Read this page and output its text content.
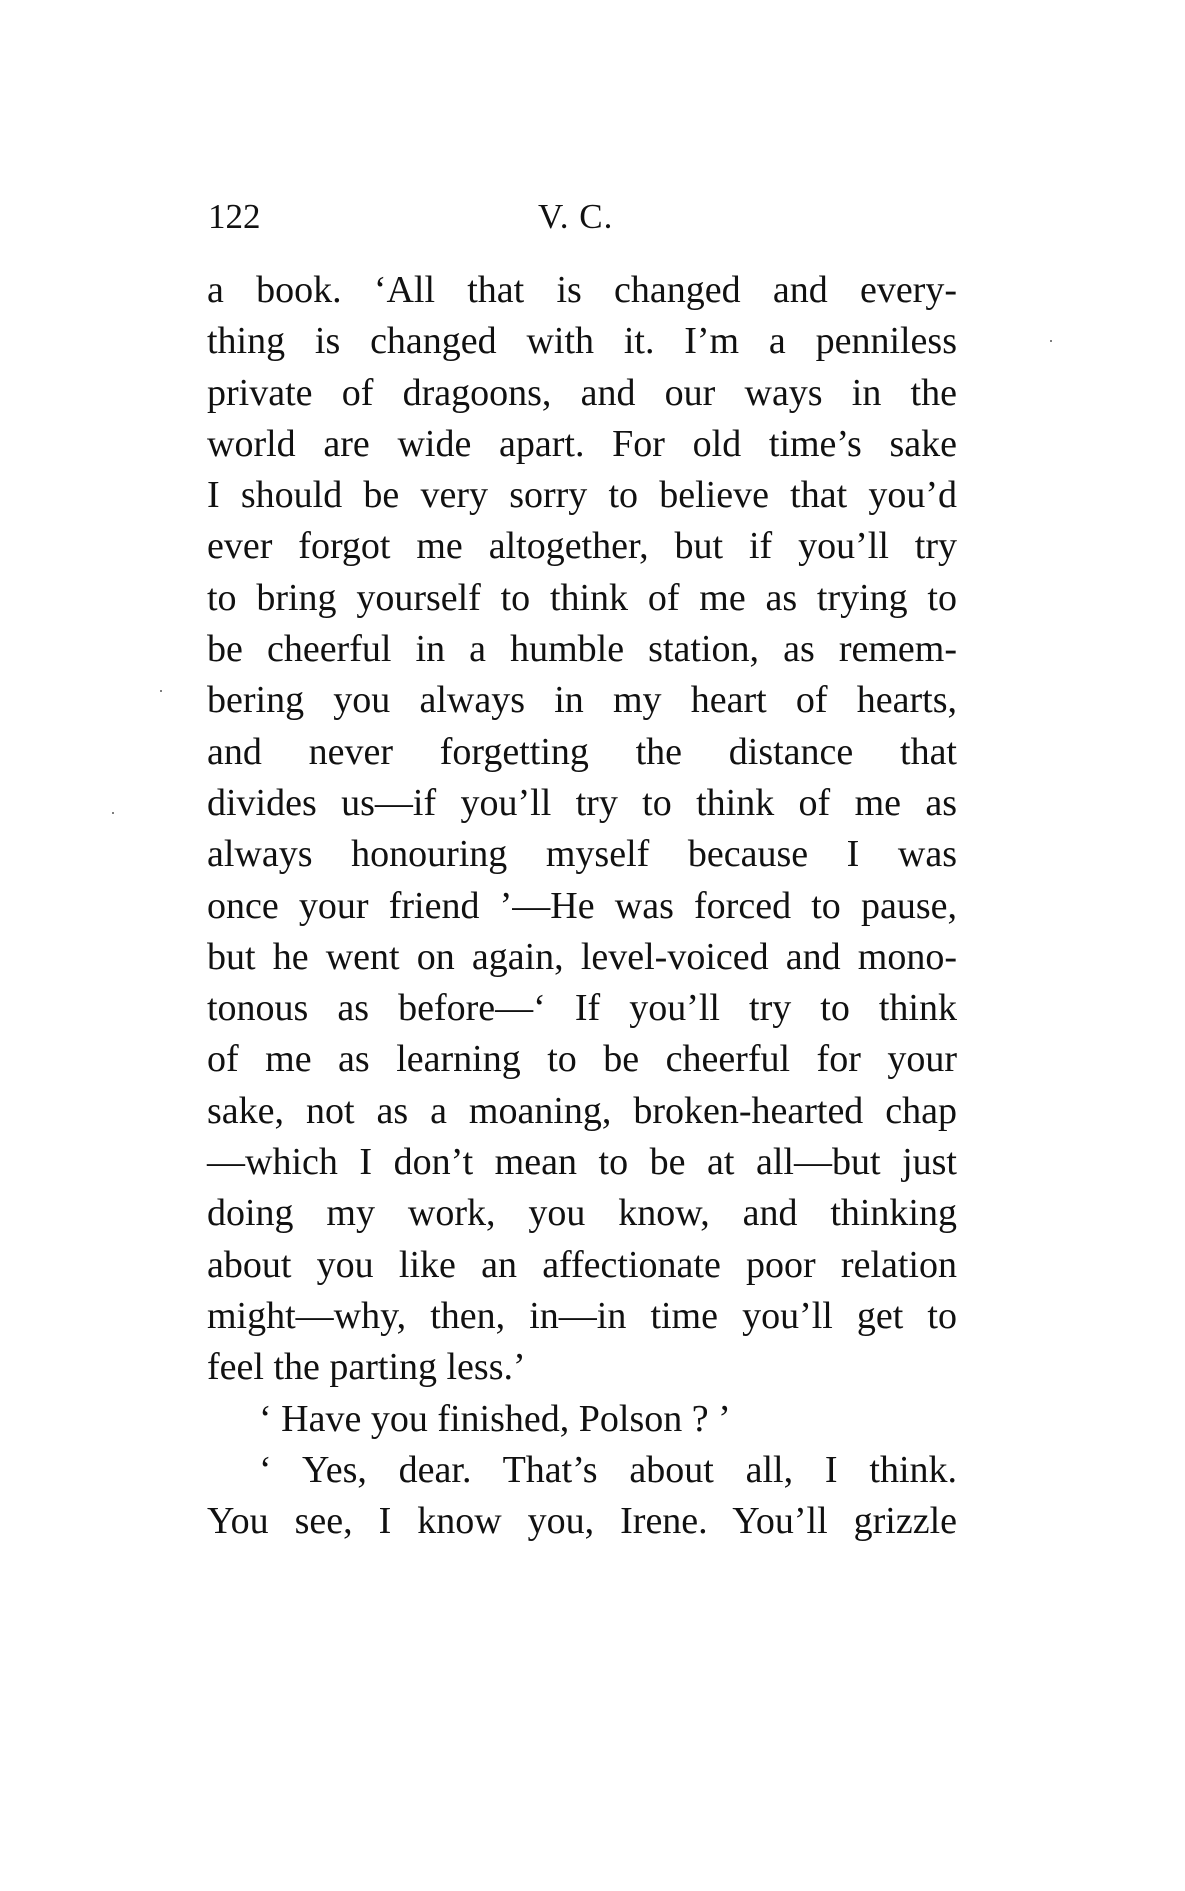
122	V. C.
a book. ‘All that is changed and every-
thing is changed with it. I’m a penniless
private of dragoons, and our ways in the
world are wide apart. For old time’s sake
I should be very sorry to believe that you’d
ever forgot me altogether, but if you’ll try
to bring yourself to think of me as trying to
be cheerful in a humble station, as remem-
bering you always in my heart of hearts,
and never forgetting the distance that
divides us—if you’ll try to think of me as
always honouring myself because I was
once your friend ’—He was forced to pause,
but he went on again, level-voiced and mono-
tonous as before—‘ If you’ll try to think
of me as learning to be cheerful for your
sake, not as a moaning, broken-hearted chap
—which I don’t mean to be at all—but just
doing my work, you know, and thinking
about you like an affectionate poor relation
might—why, then, in—in time you’ll get to
feel the parting less.’
‘ Have you finished, Polson ? ’
‘ Yes, dear. That’s about all, I think.
You see, I know you, Irene. You’ll grizzle
